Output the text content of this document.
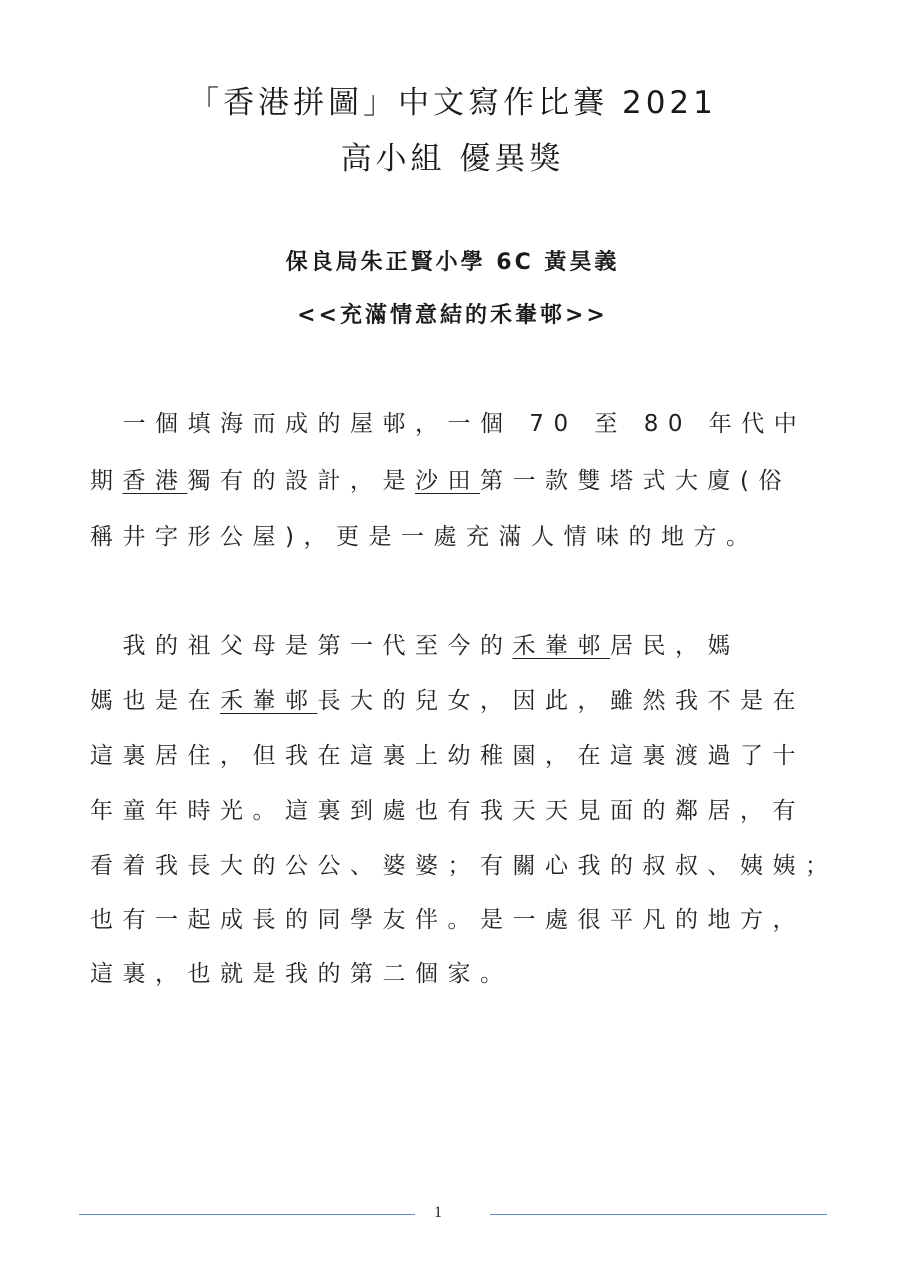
「香港拼圖」中文寫作比賽 2021
高小組 優異獎
保良局朱正賢小學 6C 黃昊義
<<充滿情意結的禾輋邨>>
　一個填海而成的屋邨，一個 70 至 80 年代中
期香港獨有的設計，是沙田第一款雙塔式大廈(俗
稱井字形公屋)，更是一處充滿人情味的地方。
　我的祖父母是第一代至今的禾輋邨居民，媽
媽也是在禾輋邨長大的兒女，因此，雖然我不是在
這裏居住，但我在這裏上幼稚園，在這裏渡過了十
年童年時光。這裏到處也有我天天見面的鄰居，有
看着我長大的公公、婆婆；有關心我的叔叔、姨姨；
也有一起成長的同學友伴。是一處很平凡的地方，
這裏，也就是我的第二個家。
1
